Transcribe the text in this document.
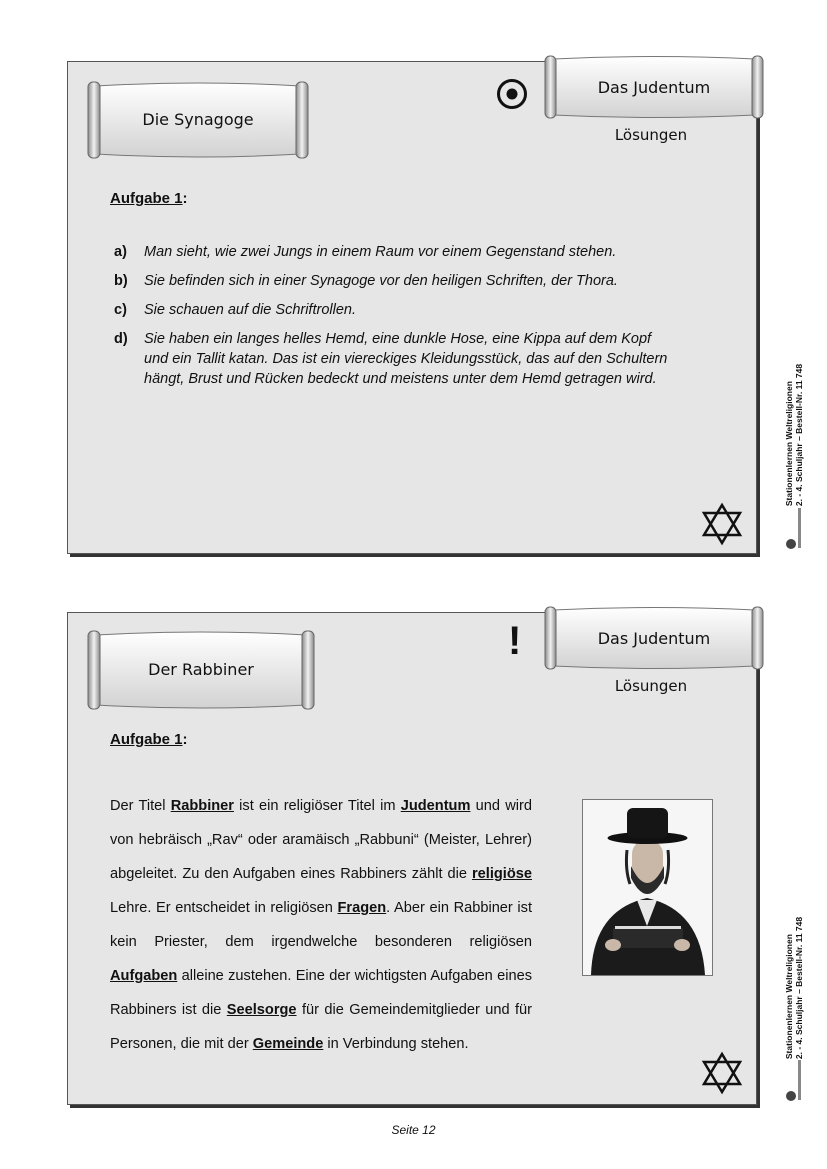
Die Synagoge
Das Judentum
Lösungen
Aufgabe 1:
a)	Man sieht, wie zwei Jungs in einem Raum vor einem Gegenstand stehen.
b)	Sie befinden sich in einer Synagoge vor den heiligen Schriften, der Thora.
c)	Sie schauen auf die Schriftrollen.
d)	Sie haben ein langes helles Hemd, eine dunkle Hose, eine Kippa auf dem Kopf und ein Tallit katan. Das ist ein viereckiges Kleidungsstück, das auf den Schultern hängt, Brust und Rücken bedeckt und meistens unter dem Hemd getragen wird.
Der Rabbiner
!	Das Judentum
Lösungen
Aufgabe 1:
Der Titel Rabbiner ist ein religiöser Titel im Judentum und wird von hebräisch „Rav“ oder aramäisch „Rabbuni“ (Meister, Lehrer) abgeleitet. Zu den Aufgaben eines Rabbiners zählt die religiöse Lehre. Er entscheidet in religiösen Fragen. Aber ein Rabbiner ist kein Priester, dem irgendwelche besonderen religiösen Aufgaben alleine zustehen. Eine der wichtigsten Aufgaben eines Rabbiners ist die Seelsorge für die Gemeindemitglieder und für Personen, die mit der Gemeinde in Verbindung stehen.
Stationenlernen Weltreligionen 2. - 4. Schuljahr – Bestell-Nr. 11 748
Stationenlernen Weltreligionen 2. - 4. Schuljahr – Bestell-Nr. 11 748
Seite 12
